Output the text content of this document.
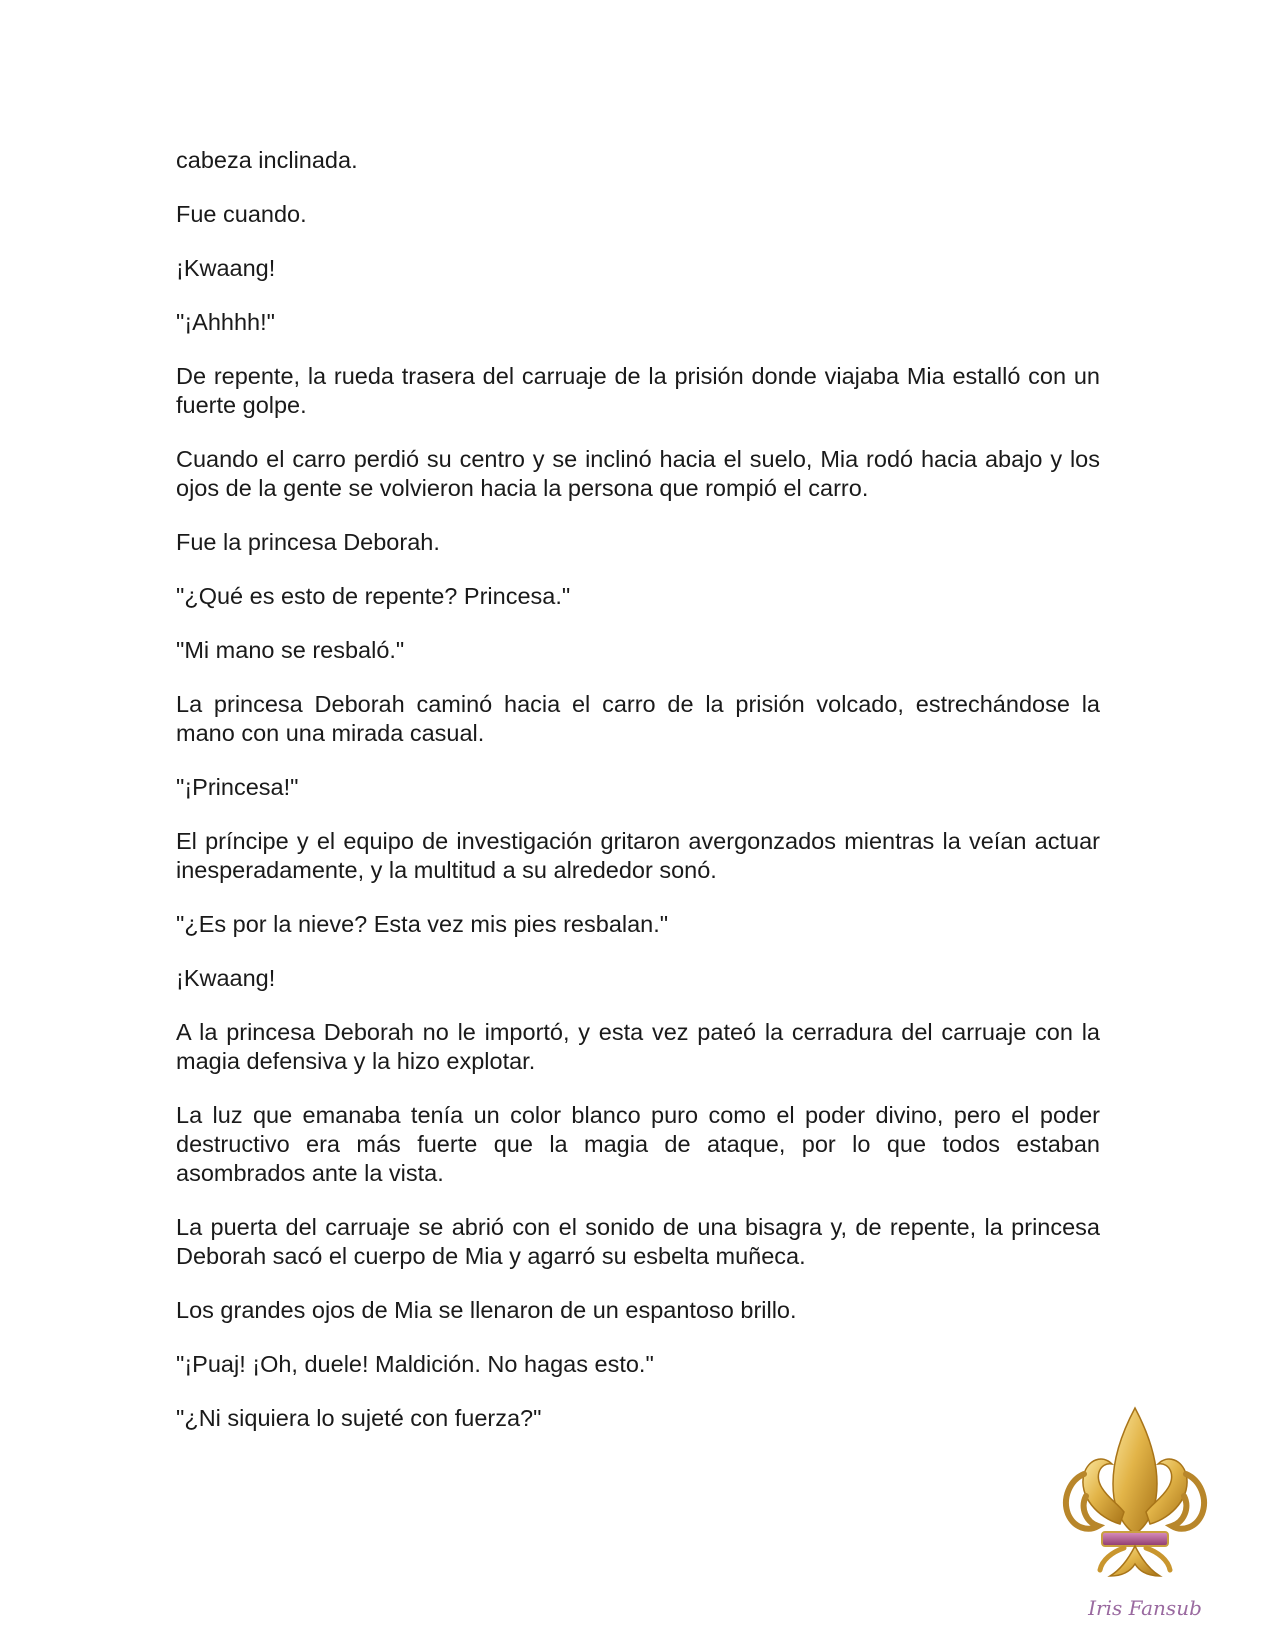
cabeza inclinada.

Fue cuando.

¡Kwaang!

"¡Ahhhh!"

De repente, la rueda trasera del carruaje de la prisión donde viajaba Mia estalló con un fuerte golpe.

Cuando el carro perdió su centro y se inclinó hacia el suelo, Mia rodó hacia abajo y los ojos de la gente se volvieron hacia la persona que rompió el carro.

Fue la princesa Deborah.

"¿Qué es esto de repente? Princesa."

"Mi mano se resbaló."

La princesa Deborah caminó hacia el carro de la prisión volcado, estrechándose la mano con una mirada casual.

"¡Princesa!"

El príncipe y el equipo de investigación gritaron avergonzados mientras la veían actuar inesperadamente, y la multitud a su alrededor sonó.

"¿Es por la nieve? Esta vez mis pies resbalan."

¡Kwaang!

A la princesa Deborah no le importó, y esta vez pateó la cerradura del carruaje con la magia defensiva y la hizo explotar.

La luz que emanaba tenía un color blanco puro como el poder divino, pero el poder destructivo era más fuerte que la magia de ataque, por lo que todos estaban asombrados ante la vista.

La puerta del carruaje se abrió con el sonido de una bisagra y, de repente, la princesa Deborah sacó el cuerpo de Mia y agarró su esbelta muñeca.

Los grandes ojos de Mia se llenaron de un espantoso brillo.

"¡Puaj! ¡Oh, duele! Maldición. No hagas esto."

"¿Ni siquiera lo sujeté con fuerza?"

Iris Fansub
